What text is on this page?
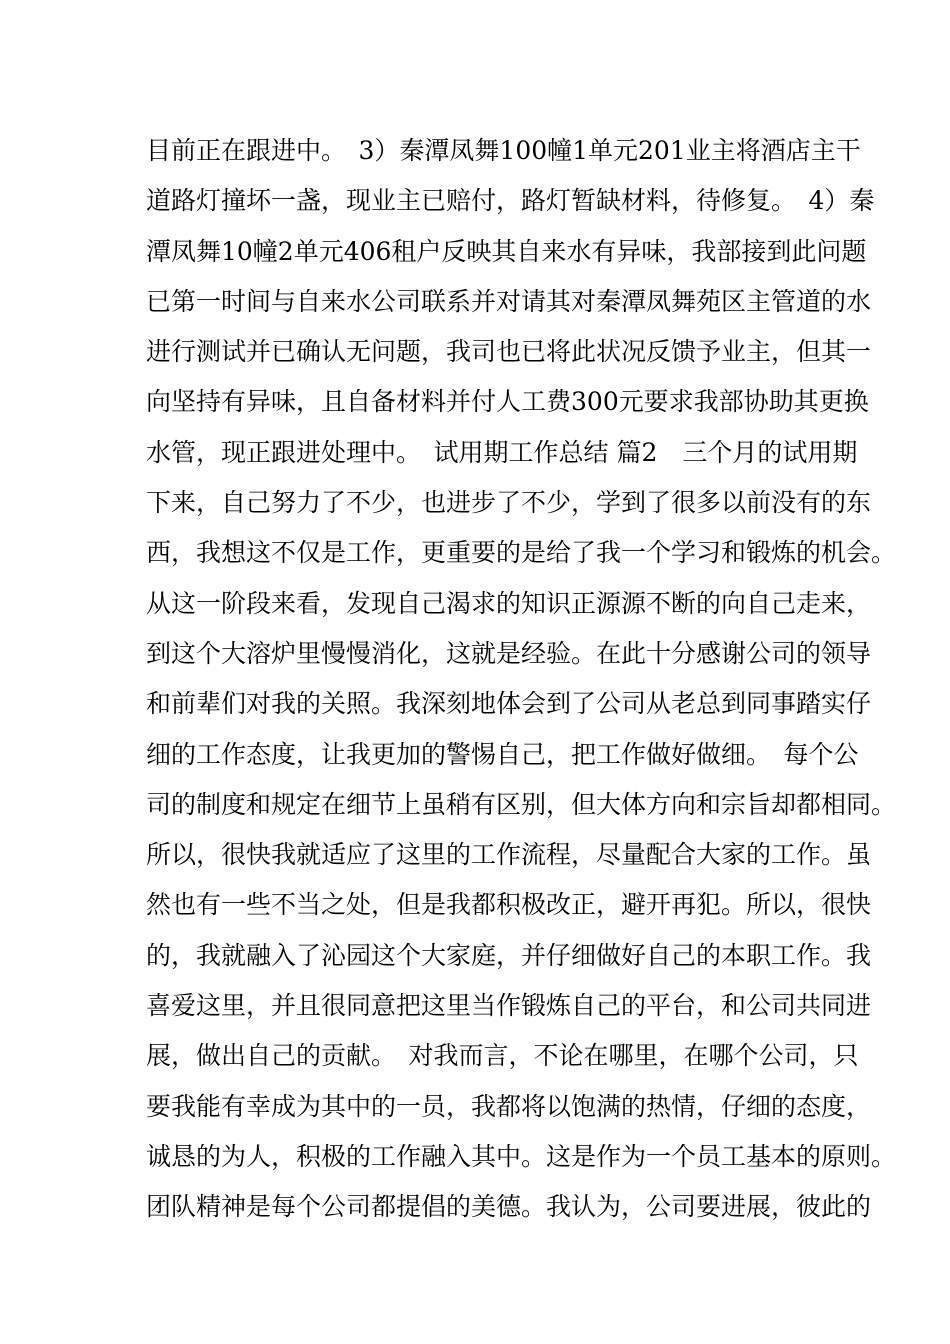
目前正在跟进中。　3）秦潭凤舞100幢1单元201业主将酒店主干
道路灯撞坏一盏，现业主已赔付，路灯暂缺材料，待修复。　4）秦
潭凤舞10幢2单元406租户反映其自来水有异味，我部接到此问题
已第一时间与自来水公司联系并对请其对秦潭凤舞苑区主管道的水
进行测试并已确认无问题，我司也已将此状况反馈予业主，但其一
向坚持有异味，且自备材料并付人工费300元要求我部协助其更换
水管，现正跟进处理中。　试用期工作总结 篇2　三个月的试用期
下来，自己努力了不少，也进步了不少，学到了很多以前没有的东
西，我想这不仅是工作，更重要的是给了我一个学习和锻炼的机会。
从这一阶段来看，发现自己渴求的知识正源源不断的向自己走来，
到这个大溶炉里慢慢消化，这就是经验。在此十分感谢公司的领导
和前辈们对我的关照。我深刻地体会到了公司从老总到同事踏实仔
细的工作态度，让我更加的警惕自己，把工作做好做细。　每个公
司的制度和规定在细节上虽稍有区别，但大体方向和宗旨却都相同。
所以，很快我就适应了这里的工作流程，尽量配合大家的工作。虽
然也有一些不当之处，但是我都积极改正，避开再犯。所以，很快
的，我就融入了沁园这个大家庭，并仔细做好自己的本职工作。我
喜爱这里，并且很同意把这里当作锻炼自己的平台，和公司共同进
展，做出自己的贡献。　对我而言，不论在哪里，在哪个公司，只
要我能有幸成为其中的一员，我都将以饱满的热情，仔细的态度，
诚恳的为人，积极的工作融入其中。这是作为一个员工基本的原则。
团队精神是每个公司都提倡的美德。我认为，公司要进展，彼此的
